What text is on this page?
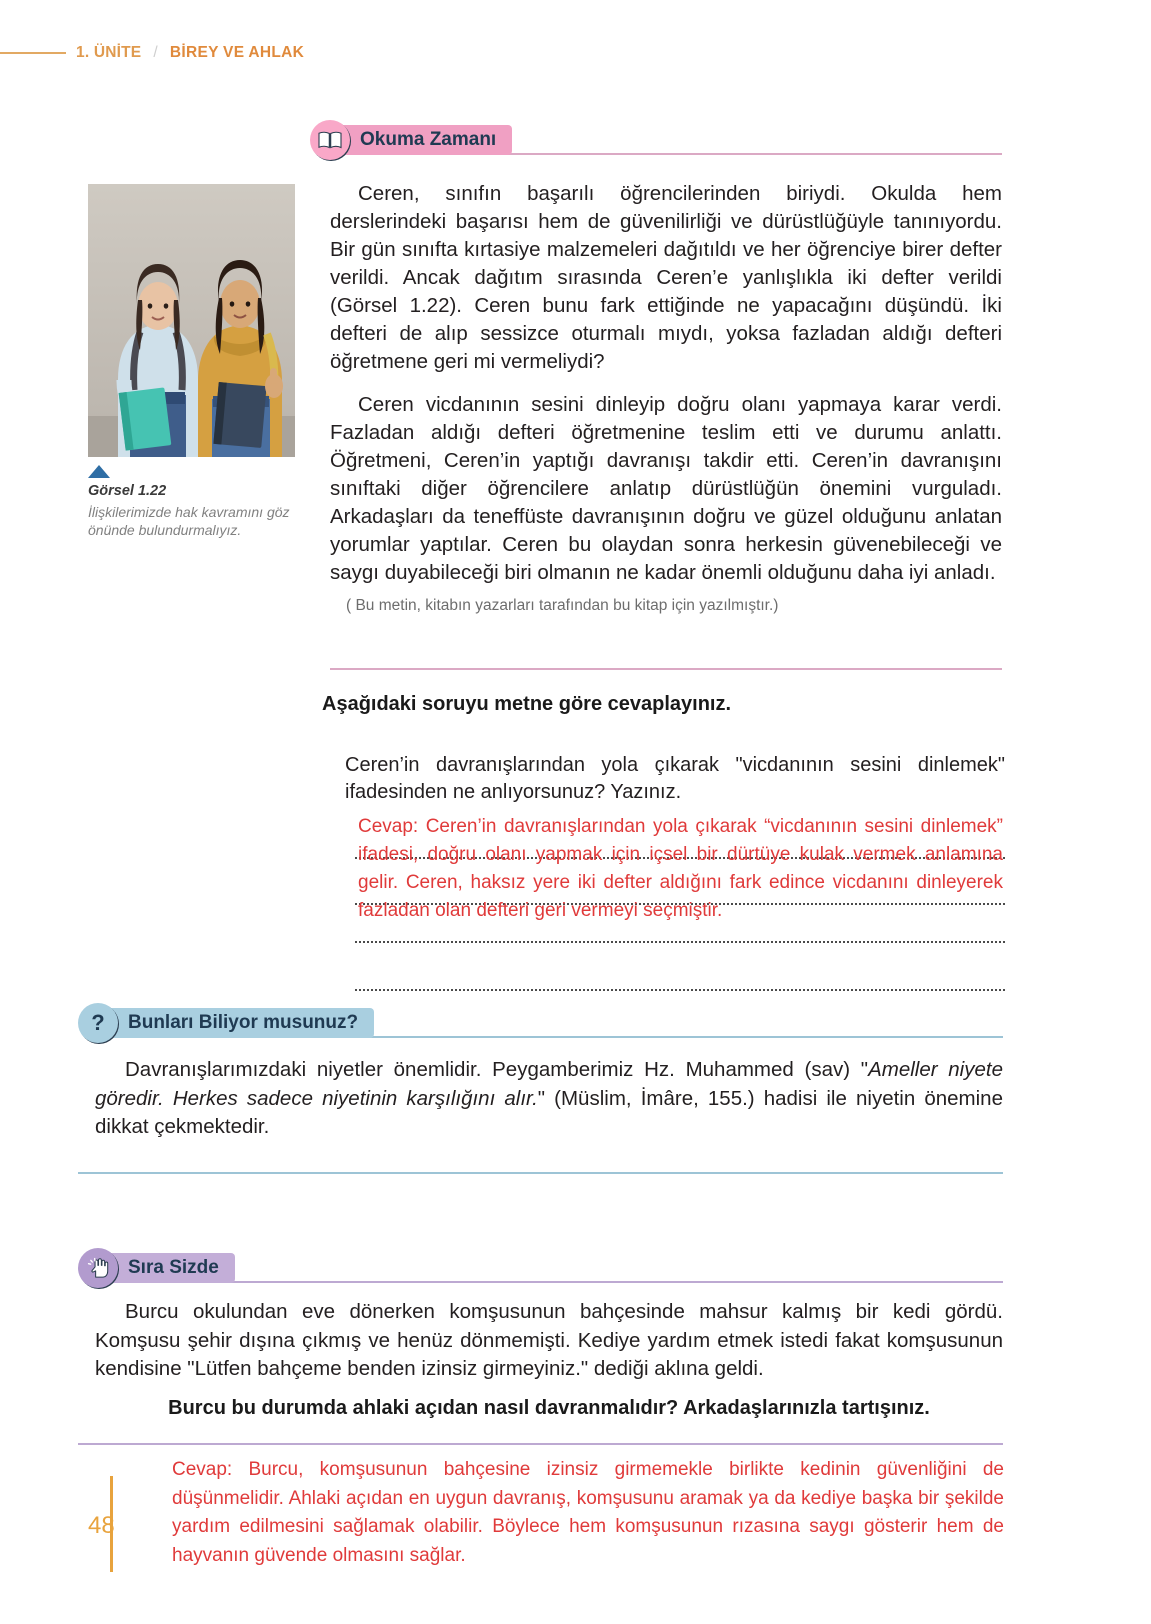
1. ÜNİTE / BİREY VE AHLAK
Okuma Zamanı
Görsel 1.22
İlişkilerimizde hak kavramını göz önünde bulundurmalıyız.

Ceren, sınıfın başarılı öğrencilerinden biriydi. Okulda hem derslerindeki başarısı hem de güvenilirliği ve dürüstlüğüyle tanınıyordu. Bir gün sınıfta kırtasiye malzemeleri dağıtıldı ve her öğrenciye birer defter verildi. Ancak dağıtım sırasında Ceren’e yanlışlıkla iki defter verildi (Görsel 1.22). Ceren bunu fark ettiğinde ne yapacağını düşündü. İki defteri de alıp sessizce oturmalı mıydı, yoksa fazladan aldığı defteri öğretmene geri mi vermeliydi?

Ceren vicdanının sesini dinleyip doğru olanı yapmaya karar verdi. Fazladan aldığı defteri öğretmenine teslim etti ve durumu anlattı. Öğretmeni, Ceren’in yaptığı davranışı takdir etti. Ceren’in davranışını sınıftaki diğer öğrencilere anlatıp dürüstlüğün önemini vurguladı. Arkadaşları da teneffüste davranışının doğru ve güzel olduğunu anlatan yorumlar yaptılar. Ceren bu olaydan sonra herkesin güvenebileceği ve saygı duyabileceği biri olmanın ne kadar önemli olduğunu daha iyi anladı.

( Bu metin, kitabın yazarları tarafından bu kitap için yazılmıştır.)
Aşağıdaki soruyu metne göre cevaplayınız.
Ceren’in davranışlarından yola çıkarak "vicdanının sesini dinlemek" ifadesinden ne anlıyorsunuz? Yazınız.
Cevap: Ceren’in davranışlarından yola çıkarak “vicdanının sesini dinlemek” ifadesi, doğru olanı yapmak için içsel bir dürtüye kulak vermek anlamına gelir. Ceren, haksız yere iki defter aldığını fark edince vicdanını dinleyerek fazladan olan defteri geri vermeyi seçmiştir.
?	Bunları Biliyor musunuz?

Davranışlarımızdaki niyetler önemlidir. Peygamberimiz Hz. Muhammed (sav) "Ameller niyete göredir. Herkes sadece niyetinin karşılığını alır." (Müslim, İmâre, 155.) hadisi ile niyetin önemine dikkat çekmektedir.

Sıra Sizde

Burcu okulundan eve dönerken komşusunun bahçesinde mahsur kalmış bir kedi gördü. Komşusu şehir dışına çıkmış ve henüz dönmemişti. Kediye yardım etmek istedi fakat komşusunun kendisine "Lütfen bahçeme benden izinsiz girmeyiniz." dediği aklına geldi.

Burcu bu durumda ahlaki açıdan nasıl davranmalıdır? Arkadaşlarınızla tartışınız.
Cevap: Burcu, komşusunun bahçesine izinsiz girmemekle birlikte kedinin güvenliğini de düşünmelidir. Ahlaki açıdan en uygun davranış, komşusunu aramak ya da kediye başka bir şekilde yardım edilmesini sağlamak olabilir. Böylece hem komşusunun rızasına saygı gösterir hem de hayvanın güvende olmasını sağlar.
48
